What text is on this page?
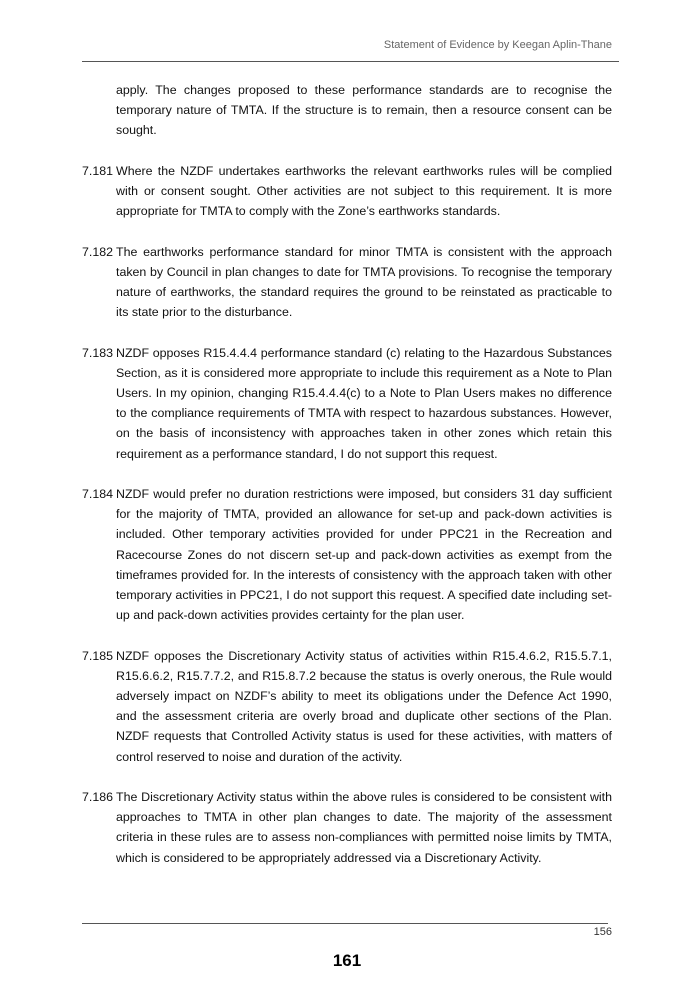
Statement of Evidence by Keegan Aplin-Thane
apply. The changes proposed to these performance standards are to recognise the temporary nature of TMTA. If the structure is to remain, then a resource consent can be sought.
7.181 Where the NZDF undertakes earthworks the relevant earthworks rules will be complied with or consent sought. Other activities are not subject to this requirement. It is more appropriate for TMTA to comply with the Zone’s earthworks standards.
7.182 The earthworks performance standard for minor TMTA is consistent with the approach taken by Council in plan changes to date for TMTA provisions. To recognise the temporary nature of earthworks, the standard requires the ground to be reinstated as practicable to its state prior to the disturbance.
7.183 NZDF opposes R15.4.4.4 performance standard (c) relating to the Hazardous Substances Section, as it is considered more appropriate to include this requirement as a Note to Plan Users. In my opinion, changing R15.4.4.4(c) to a Note to Plan Users makes no difference to the compliance requirements of TMTA with respect to hazardous substances. However, on the basis of inconsistency with approaches taken in other zones which retain this requirement as a performance standard, I do not support this request.
7.184 NZDF would prefer no duration restrictions were imposed, but considers 31 day sufficient for the majority of TMTA, provided an allowance for set-up and pack-down activities is included. Other temporary activities provided for under PPC21 in the Recreation and Racecourse Zones do not discern set-up and pack-down activities as exempt from the timeframes provided for. In the interests of consistency with the approach taken with other temporary activities in PPC21, I do not support this request. A specified date including set-up and pack-down activities provides certainty for the plan user.
7.185 NZDF opposes the Discretionary Activity status of activities within R15.4.6.2, R15.5.7.1, R15.6.6.2, R15.7.7.2, and R15.8.7.2 because the status is overly onerous, the Rule would adversely impact on NZDF’s ability to meet its obligations under the Defence Act 1990, and the assessment criteria are overly broad and duplicate other sections of the Plan. NZDF requests that Controlled Activity status is used for these activities, with matters of control reserved to noise and duration of the activity.
7.186 The Discretionary Activity status within the above rules is considered to be consistent with approaches to TMTA in other plan changes to date. The majority of the assessment criteria in these rules are to assess non-compliances with permitted noise limits by TMTA, which is considered to be appropriately addressed via a Discretionary Activity.
156
161
